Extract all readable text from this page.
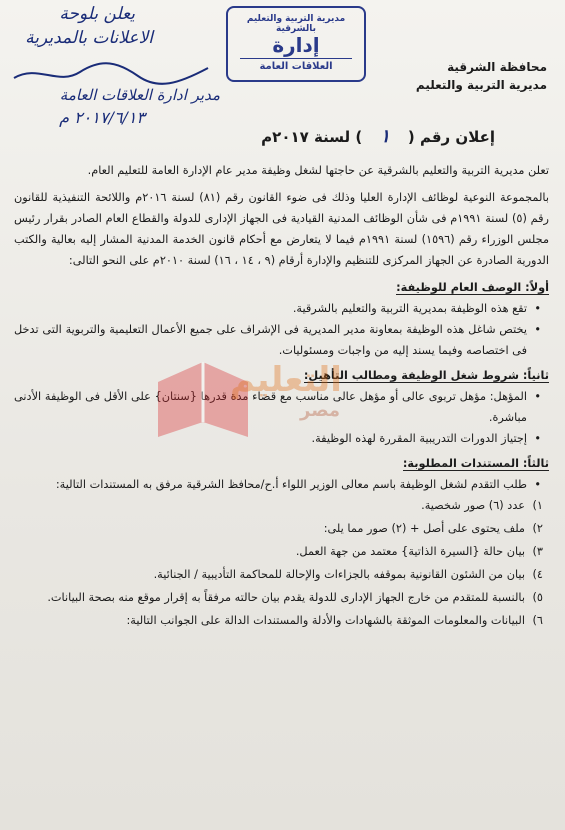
مديرية التربية والتعليم بالشرقية
إدارة
العلاقات العامة
يعلن بلوحة
الاعلانات بالمديرية
مدير ادارة العلاقات العامة
٢٠١٧/٦/١٣ م
محافظة الشرقية
مديرية التربية والتعليم
إعلان رقم (١) لسنة ٢٠١٧م

تعلن مديرية التربية والتعليم بالشرقية عن حاجتها لشغل وظيفة مدير عام الإدارة العامة للتعليم العام.

بالمجموعة النوعية لوظائف الإدارة العليا وذلك فى ضوء القانون رقم (٨١) لسنة ٢٠١٦م واللائحة التنفيذية للقانون رقم (٥) لسنة ١٩٩١م فى شأن الوظائف المدنية القيادية فى الجهاز الإدارى للدولة والقطاع العام الصادر بقرار رئيس مجلس الوزراء رقم (١٥٩٦) لسنة ١٩٩١م فيما لا يتعارض مع أحكام قانون الخدمة المدنية المشار إليه بعالية والكتب الدورية الصادرة عن الجهاز المركزى للتنظيم والإدارة أرقام (٩ ، ١٤ ، ١٦) لسنة ٢٠١٠م على النحو التالى:

أولاً: الوصف العام للوظيفة:
• تقع هذه الوظيفة بمديرية التربية والتعليم بالشرقية.
• يختص شاغل هذه الوظيفة بمعاونة مدير المديرية فى الإشراف على جميع الأعمال التعليمية والتربوية التى تدخل فى اختصاصه وفيما يسند إليه من واجبات ومسئوليات.
ثانياً: شروط شغل الوظيفة ومطالب التأهيل:
• المؤهل: مؤهل تربوى عالى أو مؤهل عالى مناسب مع قضاء مدة قدرها {سنتان} على الأقل فى الوظيفة الأدنى مباشرة.
• إجتياز الدورات التدريبية المقررة لهذه الوظيفة.
ثالثاً: المستندات المطلوبة:
• طلب التقدم لشغل الوظيفة باسم معالى الوزير اللواء أ.ح/محافظ الشرقية مرفق به المستندات التالية:
١)عدد (٦) صور شخصية.
٢)ملف يحتوى على أصل + (٢) صور مما يلى:
٣)بيان حالة {السيرة الذاتية} معتمد من جهة العمل.
٤)بيان من الشئون القانونية بموقفه بالجزاءات والإحالة للمحاكمة التأديبية / الجنائية.
٥)بالنسبة للمتقدم من خارج الجهاز الإدارى للدولة يقدم بيان حالته مرفقاً به إقرار موقع منه بصحة البيانات.
٦)البيانات والمعلومات الموثقة بالشهادات والأدلة والمستندات الدالة على الجوانب التالية:
التعليم
مصر
